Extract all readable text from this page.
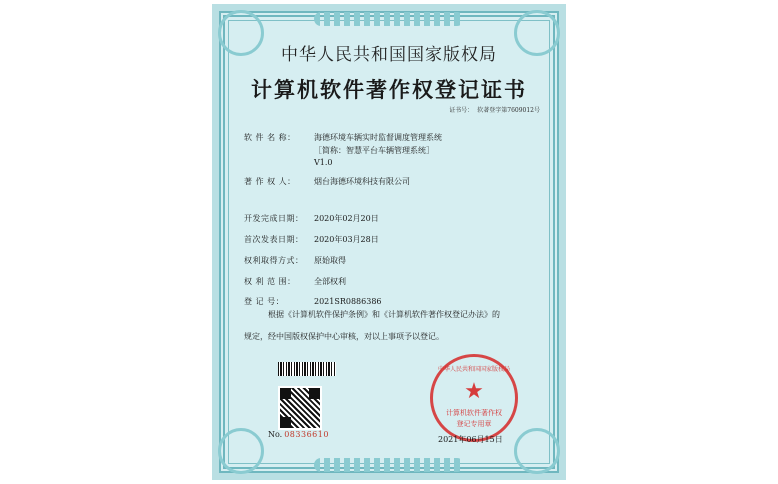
中华人民共和国国家版权局
计算机软件著作权登记证书
证书号： 软著登字第7609012号
软 件 名 称： 海德环境车辆实时监督调度管理系统
［简称：智慧平台车辆管理系统］
V1.0
著 作 权 人： 烟台海德环境科技有限公司
开发完成日期： 2020年02月20日
首次发表日期： 2020年03月28日
权利取得方式： 原始取得
权 利 范 围： 全部权利
登 记 号：	2021SR0886386
根据《计算机软件保护条例》和《计算机软件著作权登记办法》的
规定，经中国版权保护中心审核，对以上事项予以登记。
No. 08336610
中华人民共和国国家版权局
★
计算机软件著作权
登记专用章
2021年06月15日
